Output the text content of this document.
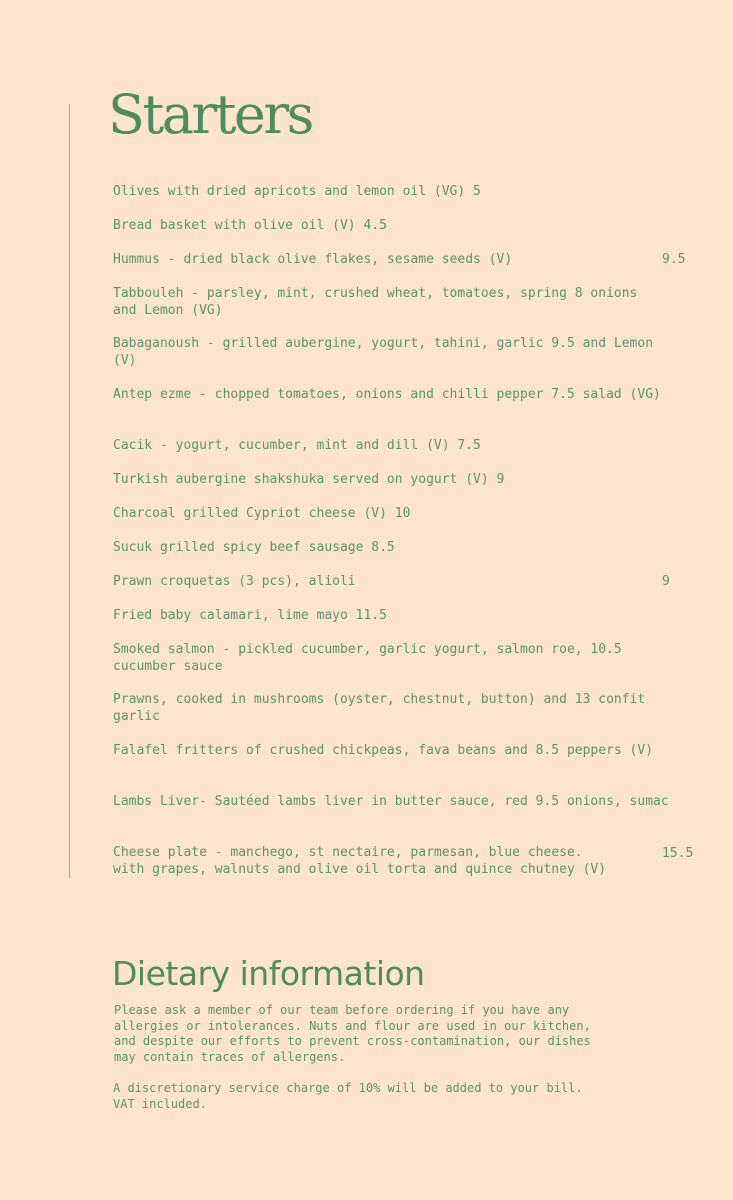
Starters

Olives with dried apricots and lemon oil (VG) 5

Bread basket with olive oil (V) 4.5

Hummus - dried black olive flakes, sesame seeds (V)	9.5

Tabbouleh - parsley, mint, crushed wheat, tomatoes, spring 8 onions
and Lemon (VG)

Babaganoush - grilled aubergine, yogurt, tahini, garlic 9.5 and Lemon
(V)

Antep ezme - chopped tomatoes, onions and chilli pepper 7.5 salad (VG)

Cacik - yogurt, cucumber, mint and dill (V) 7.5

Turkish aubergine shakshuka served on yogurt (V) 9

Charcoal grilled Cypriot cheese (V) 10

Sucuk grilled spicy beef sausage 8.5

Prawn croquetas (3 pcs), alioli	9

Fried baby calamari, lime mayo 11.5

Smoked salmon - pickled cucumber, garlic yogurt, salmon roe, 10.5
cucumber sauce

Prawns, cooked in mushrooms (oyster, chestnut, button) and 13 confit
garlic

Falafel fritters of crushed chickpeas, fava beans and 8.5 peppers (V)

Lambs Liver- Sautéed lambs liver in butter sauce, red 9.5 onions, sumac

Cheese plate - manchego, st nectaire, parmesan, blue cheese.
with grapes, walnuts and olive oil torta and quince chutney (V)

15.5
Dietary information

Please ask a member of our team before ordering if you have any
allergies or intolerances. Nuts and flour are used in our kitchen,
and despite our efforts to prevent cross-contamination, our dishes
may contain traces of allergens.

A discretionary service charge of 10% will be added to your bill.
VAT included.
